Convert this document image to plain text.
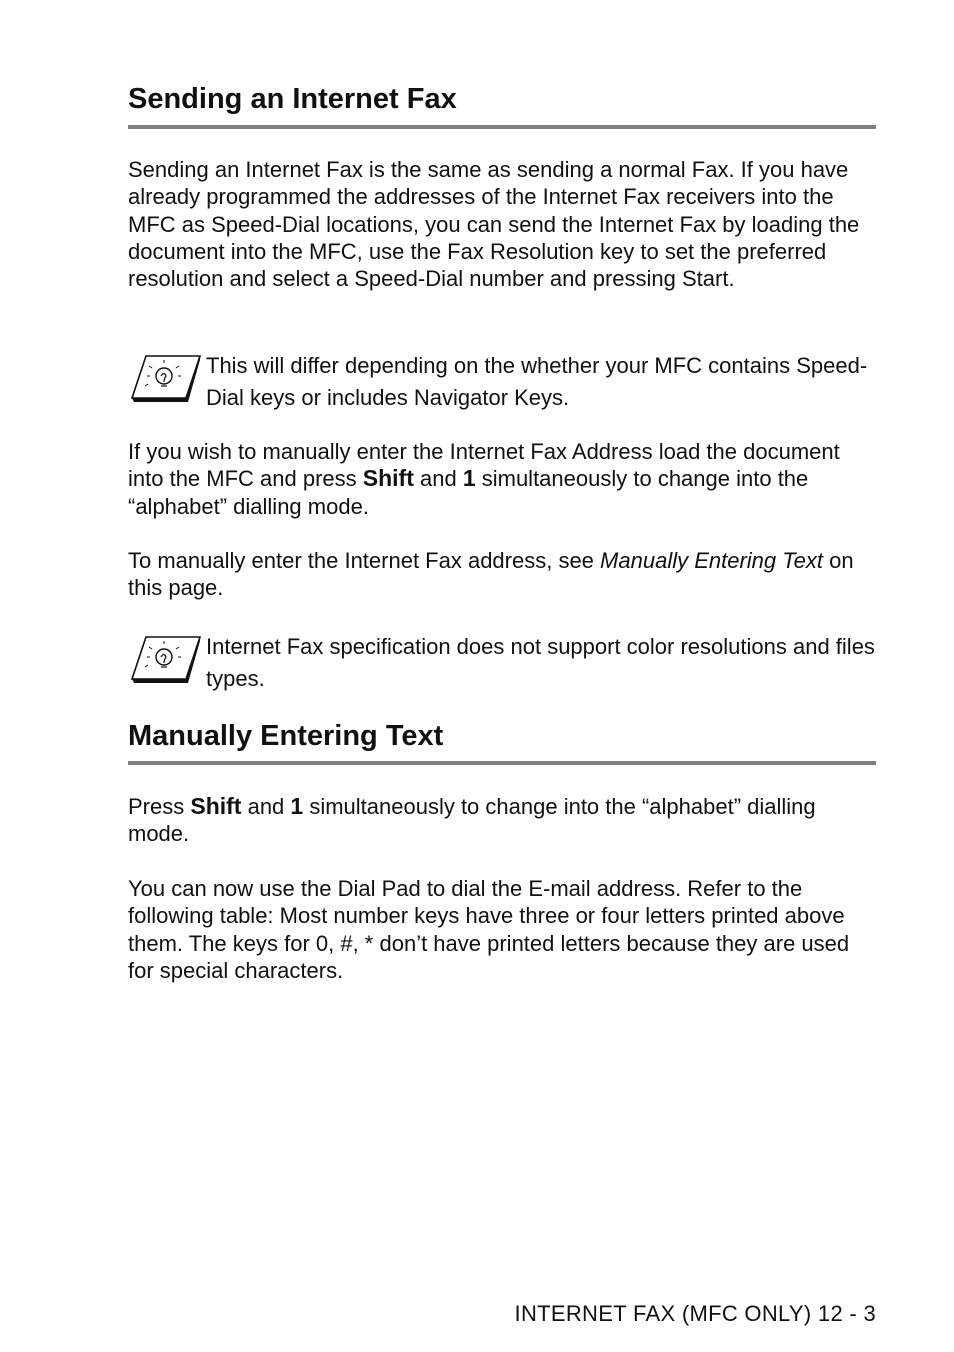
Sending an Internet Fax

Sending an Internet Fax is the same as sending a normal Fax. If you have already programmed the addresses of the Internet Fax receivers into the MFC as Speed-Dial locations, you can send the Internet Fax by loading the document into the MFC, use the Fax Resolution key to set the preferred resolution and select a Speed-Dial number and pressing Start.

This will differ depending on the whether your MFC contains Speed-Dial keys or includes Navigator Keys.

If you wish to manually enter the Internet Fax Address load the document into the MFC and press Shift and 1 simultaneously to change into the “alphabet” dialling mode.

To manually enter the Internet Fax address, see Manually Entering Text on this page.

Internet Fax specification does not support color resolutions and files types.
Manually Entering Text

Press Shift and 1 simultaneously to change into the “alphabet” dialling mode.

You can now use the Dial Pad to dial the E-mail address. Refer to the following table: Most number keys have three or four letters printed above them. The keys for 0, #, * don’t have printed letters because they are used for special characters.

INTERNET FAX (MFC ONLY) 12 - 3
